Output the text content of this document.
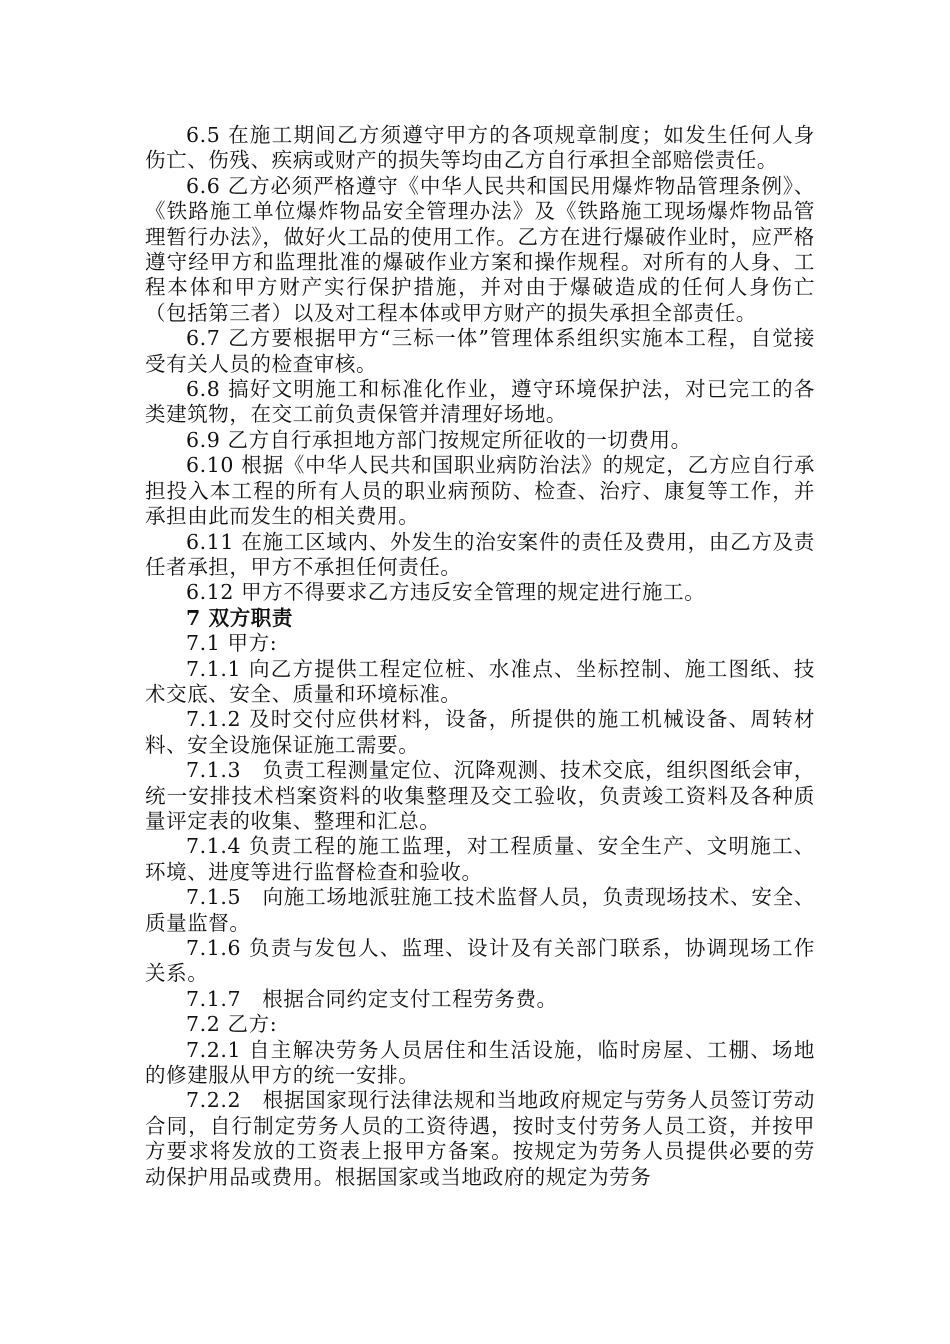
6.5 在施工期间乙方须遵守甲方的各项规章制度；如发生任何人身伤亡、伤残、疾病或财产的损失等均由乙方自行承担全部赔偿责任。

6.6 乙方必须严格遵守《中华人民共和国民用爆炸物品管理条例》、《铁路施工单位爆炸物品安全管理办法》及《铁路施工现场爆炸物品管理暂行办法》，做好火工品的使用工作。乙方在进行爆破作业时，应严格遵守经甲方和监理批准的爆破作业方案和操作规程。对所有的人身、工程本体和甲方财产实行保护措施，并对由于爆破造成的任何人身伤亡（包括第三者）以及对工程本体或甲方财产的损失承担全部责任。

6.7 乙方要根据甲方“三标一体”管理体系组织实施本工程，自觉接受有关人员的检查审核。

6.8 搞好文明施工和标准化作业，遵守环境保护法，对已完工的各类建筑物，在交工前负责保管并清理好场地。

6.9 乙方自行承担地方部门按规定所征收的一切费用。

6.10 根据《中华人民共和国职业病防治法》的规定，乙方应自行承担投入本工程的所有人员的职业病预防、检查、治疗、康复等工作，并承担由此而发生的相关费用。

6.11 在施工区域内、外发生的治安案件的责任及费用，由乙方及责任者承担，甲方不承担任何责任。

6.12 甲方不得要求乙方违反安全管理的规定进行施工。

7 双方职责

7.1 甲方:

7.1.1 向乙方提供工程定位桩、水准点、坐标控制、施工图纸、技术交底、安全、质量和环境标准。

7.1.2 及时交付应供材料，设备，所提供的施工机械设备、周转材料、安全设施保证施工需要。

7.1.3　负责工程测量定位、沉降观测、技术交底，组织图纸会审，统一安排技术档案资料的收集整理及交工验收，负责竣工资料及各种质量评定表的收集、整理和汇总。

7.1.4 负责工程的施工监理，对工程质量、安全生产、文明施工、环境、进度等进行监督检查和验收。

7.1.5　向施工场地派驻施工技术监督人员，负责现场技术、安全、质量监督。

7.1.6 负责与发包人、监理、设计及有关部门联系，协调现场工作关系。

7.1.7　根据合同约定支付工程劳务费。

7.2 乙方:

7.2.1 自主解决劳务人员居住和生活设施，临时房屋、工棚、场地的修建服从甲方的统一安排。

7.2.2　根据国家现行法律法规和当地政府规定与劳务人员签订劳动合同，自行制定劳务人员的工资待遇，按时支付劳务人员工资，并按甲方要求将发放的工资表上报甲方备案。按规定为劳务人员提供必要的劳动保护用品或费用。根据国家或当地政府的规定为劳务
